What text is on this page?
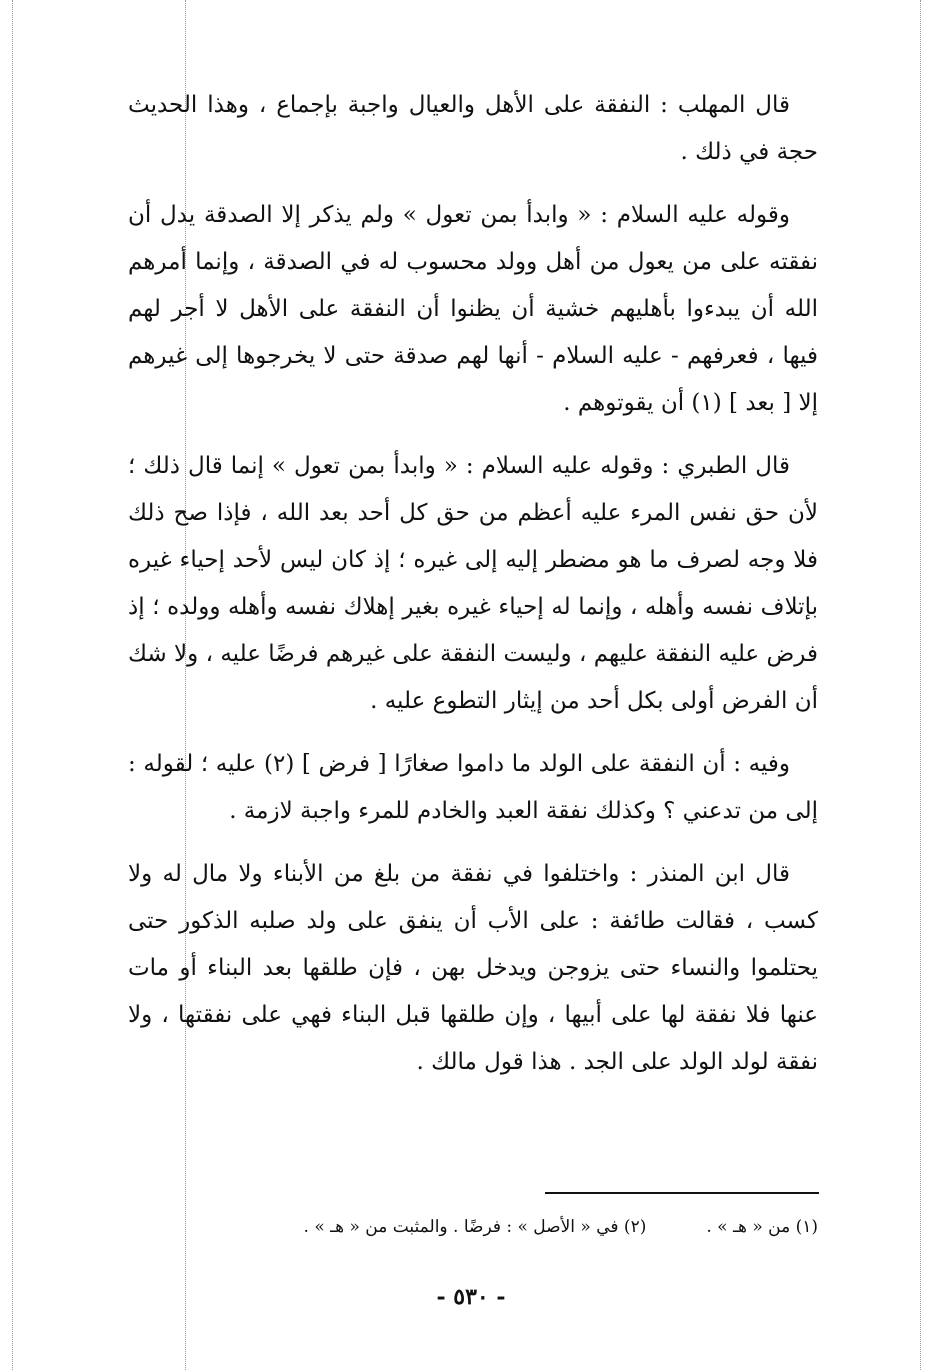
قال المهلب : النفقة على الأهل والعيال واجبة بإجماع ، وهذا الحديث حجة في ذلك .

وقوله عليه السلام : « وابدأ بمن تعول » ولم يذكر إلا الصدقة يدل أن نفقته على من يعول من أهل وولد محسوب له في الصدقة ، وإنما أمرهم الله أن يبدءوا بأهليهم خشية أن يظنوا أن النفقة على الأهل لا أجر لهم فيها ، فعرفهم - عليه السلام - أنها لهم صدقة حتى لا يخرجوها إلى غيرهم إلا [ بعد ] (١) أن يقوتوهم .

قال الطبري : وقوله عليه السلام : « وابدأ بمن تعول » إنما قال ذلك ؛ لأن حق نفس المرء عليه أعظم من حق كل أحد بعد الله ، فإذا صح ذلك فلا وجه لصرف ما هو مضطر إليه إلى غيره ؛ إذ كان ليس لأحد إحياء غيره بإتلاف نفسه وأهله ، وإنما له إحياء غيره بغير إهلاك نفسه وأهله وولده ؛ إذ فرض عليه النفقة عليهم ، وليست النفقة على غيرهم فرضًا عليه ، ولا شك أن الفرض أولى بكل أحد من إيثار التطوع عليه .

وفيه : أن النفقة على الولد ما داموا صغارًا [ فرض ] (٢) عليه ؛ لقوله : إلى من تدعني ؟ وكذلك نفقة العبد والخادم للمرء واجبة لازمة .

قال ابن المنذر : واختلفوا في نفقة من بلغ من الأبناء ولا مال له ولا كسب ، فقالت طائفة : على الأب أن ينفق على ولد صلبه الذكور حتى يحتلموا والنساء حتى يزوجن ويدخل بهن ، فإن طلقها بعد البناء أو مات عنها فلا نفقة لها على أبيها ، وإن طلقها قبل البناء فهي على نفقتها ، ولا نفقة لولد الولد على الجد . هذا قول مالك .

(١) من « هـ » .
(٢) في « الأصل » : فرضًا . والمثبت من « هـ » .
- ٥٣٠ -
